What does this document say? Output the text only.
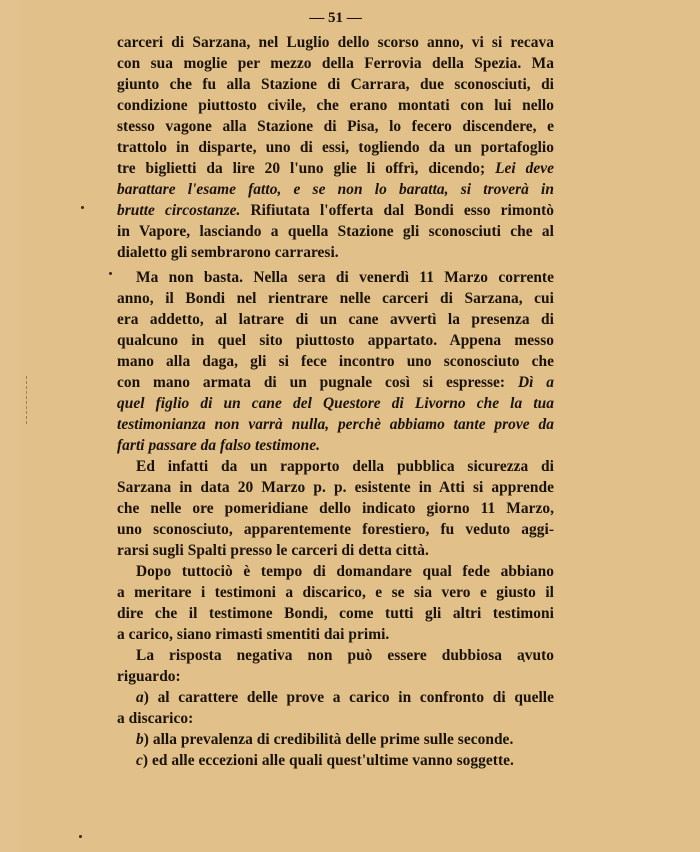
— 51 —
carceri di Sarzana, nel Luglio dello scorso anno, vi si recava
con sua moglie per mezzo della Ferrovia della Spezia. Ma
giunto che fu alla Stazione di Carrara, due sconosciuti, di
condizione piuttosto civile, che erano montati con lui nello
stesso vagone alla Stazione di Pisa, lo fecero discendere, e
trattolo in disparte, uno di essi, togliendo da un portafoglio
tre biglietti da lire 20 l'uno glie li offrì, dicendo; Lei deve
barattare l'esame fatto, e se non lo baratta, si troverà in
brutte circostanze. Rifiutata l'offerta dal Bondi esso rimontò
in Vapore, lasciando a quella Stazione gli sconosciuti che al
dialetto gli sembrarono carraresi.
Ma non basta. Nella sera di venerdì 11 Marzo corrente
anno, il Bondi nel rientrare nelle carceri di Sarzana, cui
era addetto, al latrare di un cane avvertì la presenza di
qualcuno in quel sito piuttosto appartato. Appena messo
mano alla daga, gli si fece incontro uno sconosciuto che
con mano armata di un pugnale così si espresse: Dì a
quel figlio di un cane del Questore di Livorno che la tua
testimonianza non varrà nulla, perchè abbiamo tante prove da
farti passare da falso testimone.
Ed infatti da un rapporto della pubblica sicurezza di
Sarzana in data 20 Marzo p. p. esistente in Atti si apprende
che nelle ore pomeridiane dello indicato giorno 11 Marzo,
uno sconosciuto, apparentemente forestiero, fu veduto aggi-
rarsi sugli Spalti presso le carceri di detta città.
Dopo tuttociò è tempo di domandare qual fede abbiano
a meritare i testimoni a discarico, e se sia vero e giusto il
dire che il testimone Bondi, come tutti gli altri testimoni
a carico, siano rimasti smentiti dai primi.
La risposta negativa non può essere dubbiosa avuto
riguardo:
a) al carattere delle prove a carico in confronto di quelle
a discarico:
b) alla prevalenza di credibilità delle prime sulle seconde.
c) ed alle eccezioni alle quali quest'ultime vanno soggette.
